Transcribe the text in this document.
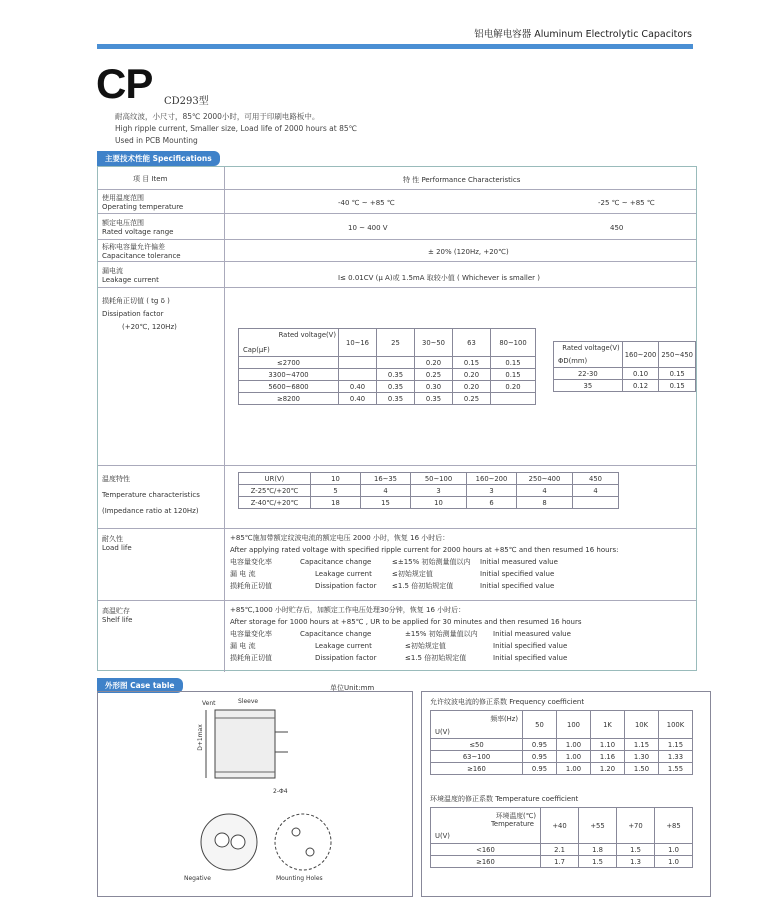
铝电解电容器 Aluminum Electrolytic Capacitors
CP CD293型
耐高纹波，小尺寸，85℃ 2000小时，可用于印刷电路板中。
High ripple current, Smaller size, Load life of 2000 hours at 85℃
Used in PCB Mounting
主要技术性能 Specifications
项 目 Item	特 性 Performance Characteristics
使用温度范围
Operating temperature	-40 ℃ ~ +85 ℃	-25 ℃ ~ +85 ℃
额定电压范围
Rated voltage range	10 ~ 400 V	450
标称电容量允许偏差
Capacitance tolerance	± 20% (120Hz, +20℃)
漏电流
Leakage current	I≤ 0.01CV (μ A)或 1.5mA 取较小值 ( Whichever is smaller )
损耗角正切值 ( tg δ )
Dissipation factor
(+20℃, 120Hz)
Rated voltage(V)
Cap(μF)	10~16	25	30~50	63	80~100
≤2700			0.20	0.15	0.15
3300~4700		0.35	0.25	0.20	0.15
5600~6800	0.40	0.35	0.30	0.20	0.20
≥8200	0.40	0.35	0.35	0.25	
Rated voltage(V)
ΦD(mm)	160~200	250~450
22-30	0.10	0.15
35	0.12	0.15
温度特性
Temperature characteristics
(Impedance ratio at 120Hz)
UR(V)	10	16~35	50~100	160~200	250~400	450
Z-25℃/+20℃	5	4	3	3	4	4
Z-40℃/+20℃	18	15	10	6	8	
耐久性
Load life
+85℃施加带额定纹波电流的额定电压 2000 小时，恢复 16 小时后：
After applying rated voltage with specified ripple current for 2000 hours at +85℃ and then resumed 16 hours:
电容量变化率	Capacitance change	≤±15% 初始测量值以内 Initial measured value
漏 电 流	Leakage current	≤初始规定值	Initial specified value
损耗角正切值	Dissipation factor ≤1.5 倍初始规定值	Initial specified value
高温贮存
Shelf life
+85℃,1000 小时贮存后，加额定工作电压处理30分钟，恢复 16 小时后：
After storage for 1000 hours at +85℃ , UR to be applied for 30 minutes and then resumed 16 hours
电容量变化率	Capacitance change	±15% 初始测量值以内 Initial measured value
漏 电 流	Leakage current	≤初始规定值	Initial specified value
损耗角正切值	Dissipation factor	≤1.5 倍初始规定值	Initial specified value
外形图 Case table	单位Unit:mm
Vent	Sleeve
D+1max
2-Φ4
Negative	Mounting Holes
允许纹波电流的修正系数 Frequency coefficient
频率(Hz)
U(V)	50	100	1K	10K	100K
≤50	0.95	1.00	1.10	1.15	1.15
63~100	0.95	1.00	1.16	1.30	1.33
≥160	0.95	1.00	1.20	1.50	1.55
环境温度的修正系数 Temperature coefficient
环境温度(℃)
Temperature
U(V)	+40	+55	+70	+85
<160	2.1	1.8	1.5	1.0
≥160	1.7	1.5	1.3	1.0
